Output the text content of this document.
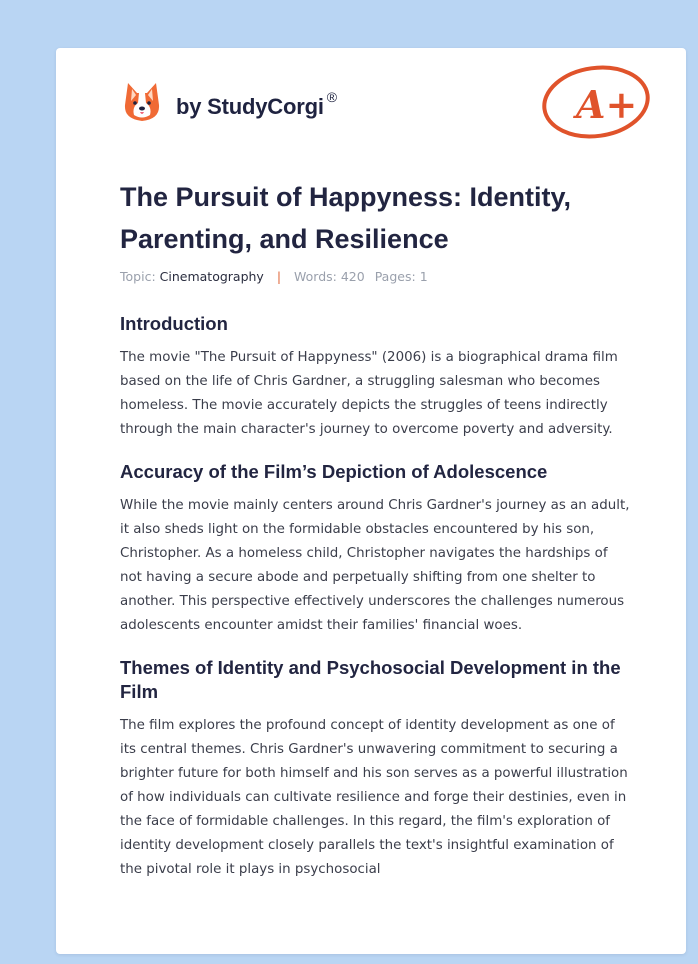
by StudyCorgi ®	A+
The Pursuit of Happyness: Identity, Parenting, and Resilience
Topic: Cinematography | Words: 420 Pages: 1
Introduction

The movie "The Pursuit of Happyness" (2006) is a biographical drama film based on the life of Chris Gardner, a struggling salesman who becomes homeless. The movie accurately depicts the struggles of teens indirectly through the main character's journey to overcome poverty and adversity.

Accuracy of the Film’s Depiction of Adolescence

While the movie mainly centers around Chris Gardner's journey as an adult, it also sheds light on the formidable obstacles encountered by his son, Christopher. As a homeless child, Christopher navigates the hardships of not having a secure abode and perpetually shifting from one shelter to another. This perspective effectively underscores the challenges numerous adolescents encounter amidst their families' financial woes.

Themes of Identity and Psychosocial Development in the Film

The film explores the profound concept of identity development as one of its central themes. Chris Gardner's unwavering commitment to securing a brighter future for both himself and his son serves as a powerful illustration of how individuals can cultivate resilience and forge their destinies, even in the face of formidable challenges. In this regard, the film's exploration of identity development closely parallels the text's insightful examination of the pivotal role it plays in psychosocial
